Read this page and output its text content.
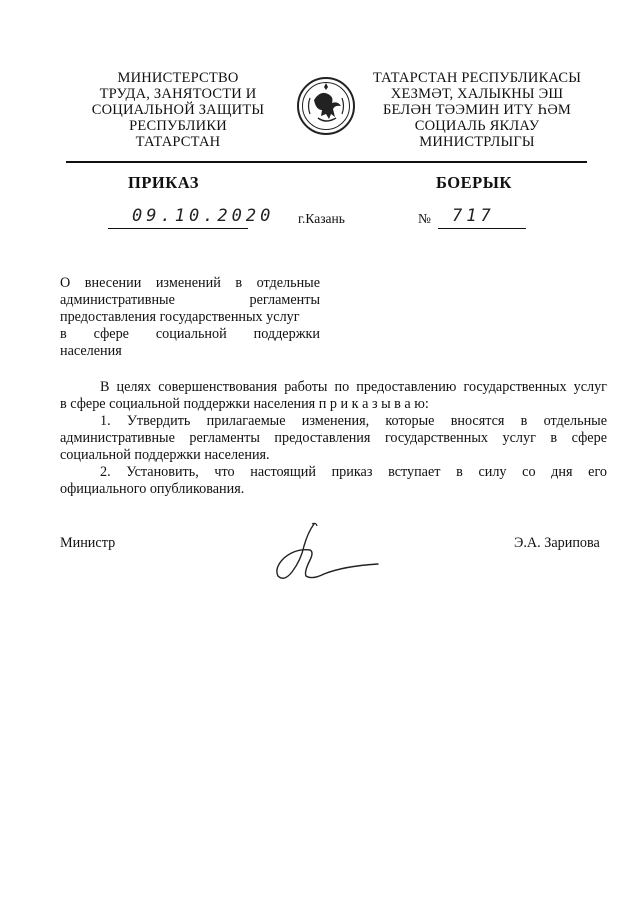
МИНИСТЕРСТВО
ТРУДА, ЗАНЯТОСТИ И
СОЦИАЛЬНОЙ ЗАЩИТЫ
РЕСПУБЛИКИ
ТАТАРСТАН
ТАТАРСТАН РЕСПУБЛИКАСЫ
ХЕЗМӘТ, ХАЛЫКНЫ ЭШ
БЕЛӘН ТӘЭМИН ИТҮ ҺӘМ
СОЦИАЛЬ ЯКЛАУ
МИНИСТРЛЫГЫ
ПРИКАЗ	БОЕРЫК
09.10.2020 г.Казань	№ 717
О внесении изменений в отдельные
административные регламенты
предоставления государственных услуг
в сфере социальной поддержки
населения
В целях совершенствования работы по предоставлению государственных услуг
в сфере социальной поддержки населения п р и к а з ы в а ю:
1. Утвердить прилагаемые изменения, которые вносятся в отдельные
административные регламенты предоставления государственных услуг в сфере
социальной поддержки населения.
2. Установить, что настоящий приказ вступает в силу со дня его
официального опубликования.
Министр	Э.А. Зарипова
